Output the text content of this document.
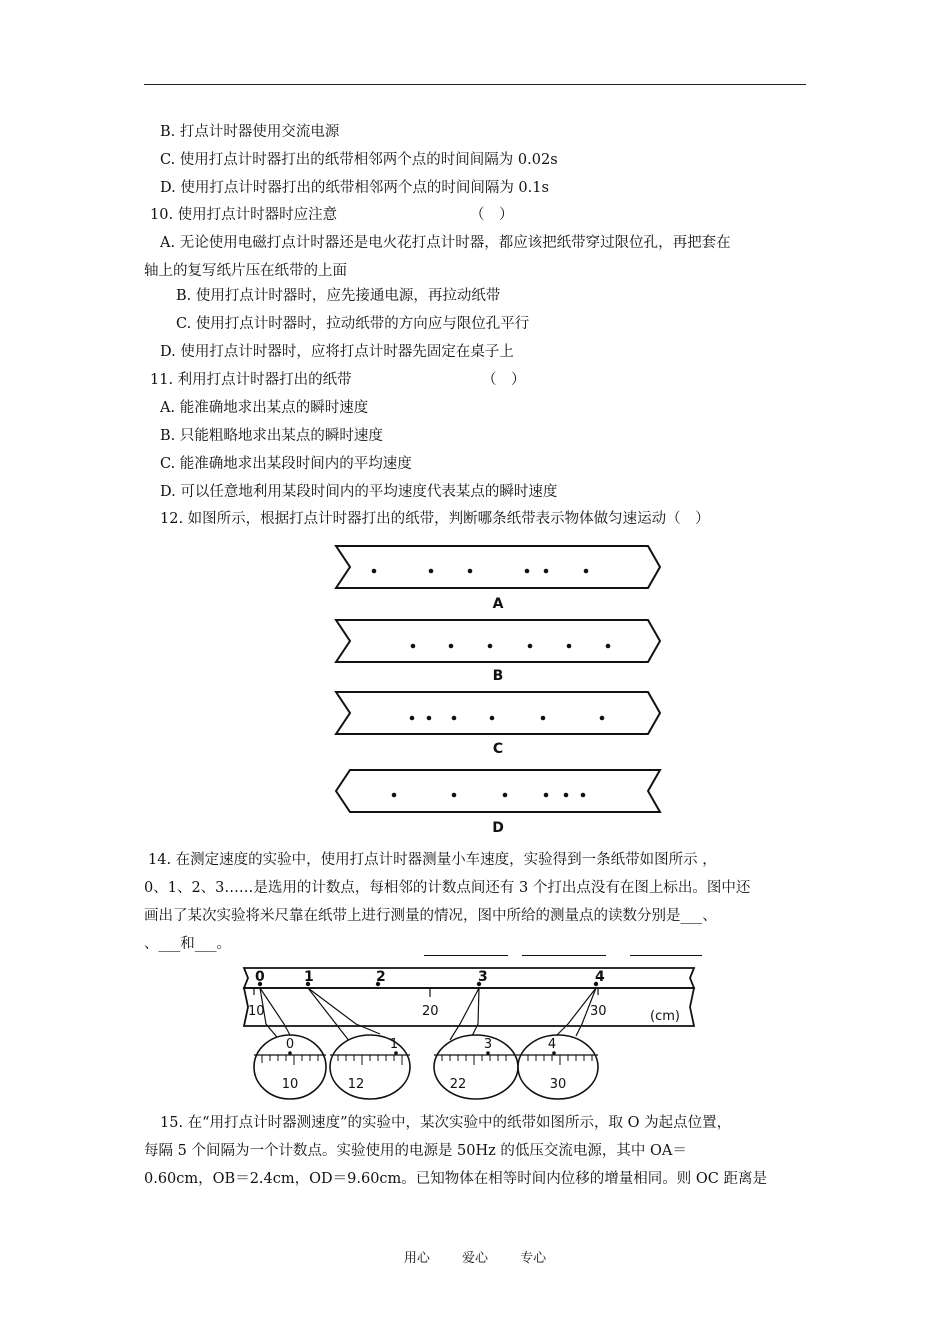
B. 打点计时器使用交流电源
C. 使用打点计时器打出的纸带相邻两个点的时间间隔为 0.02s
D. 使用打点计时器打出的纸带相邻两个点的时间间隔为 0.1s
10. 使用打点计时器时应注意	（　）
A. 无论使用电磁打点计时器还是电火花打点计时器，都应该把纸带穿过限位孔，再把套在
轴上的复写纸片压在纸带的上面
B. 使用打点计时器时，应先接通电源，再拉动纸带
C. 使用打点计时器时，拉动纸带的方向应与限位孔平行
D. 使用打点计时器时，应将打点计时器先固定在桌子上
11. 利用打点计时器打出的纸带	（　）
A. 能准确地求出某点的瞬时速度
B. 只能粗略地求出某点的瞬时速度
C. 能准确地求出某段时间内的平均速度
D. 可以任意地利用某段时间内的平均速度代表某点的瞬时速度
12. 如图所示，根据打点计时器打出的纸带，判断哪条纸带表示物体做匀速运动（　）
A
B
C
D
14. 在测定速度的实验中，使用打点计时器测量小车速度，实验得到一条纸带如图所示 ，
0、1、2、3……是选用的计数点，每相邻的计数点间还有 3 个打出点没有在图上标出。图中还
画出了某次实验将米尺靠在纸带上进行测量的情况，图中所给的测量点的读数分别是___、
、___和___。
0	1	2	3	4
10	20	30	(cm)
0	1	3	4
10	12	22	30
15. 在“用打点计时器测速度”的实验中，某次实验中的纸带如图所示，取 O 为起点位置，
每隔 5 个间隔为一个计数点。实验使用的电源是 50Hz 的低压交流电源，其中 OA＝
0.60cm，OB＝2.4cm，OD＝9.60cm。已知物体在相等时间内位移的增量相同。则 OC 距离是
用心 爱心 专心
